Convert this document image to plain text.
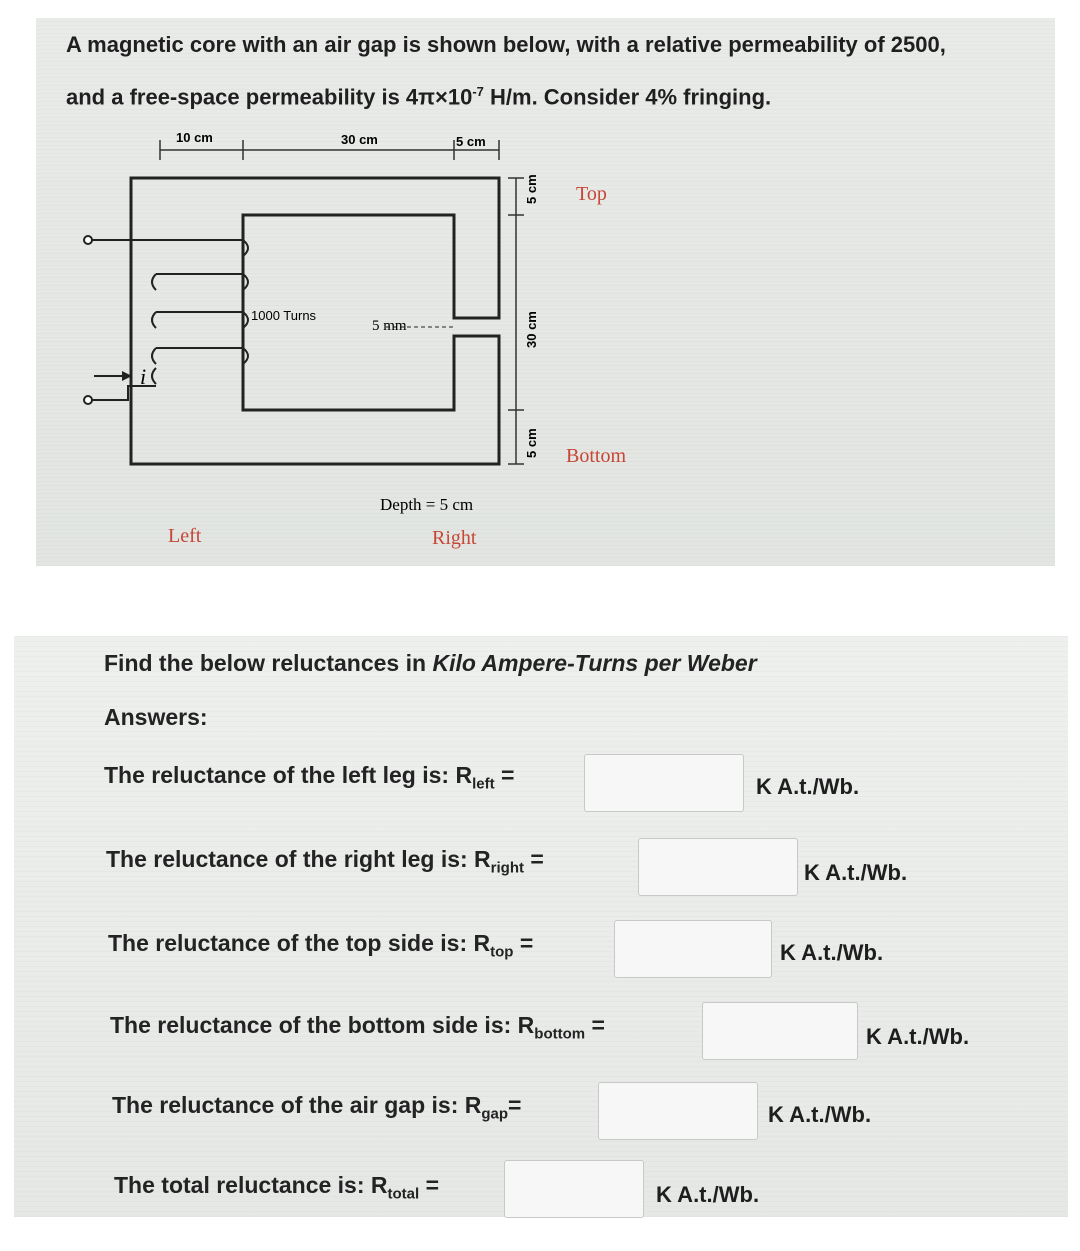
A magnetic core with an air gap is shown below, with a relative permeability of 2500,
and a free-space permeability is $4\pi\times 10^{-7}$ H/m. Consider 4% fringing.
i
10 cm	30 cm	5 cm
5 cm
30 cm
5 cm
1000 Turns
5 mm
Depth = 5 cm
Top
Bottom
Left	Right
Find the below reluctances in Kilo Ampere-Turns per Weber
Answers:
The reluctance of the left leg is: $R_{left}$ =	K A.t./Wb.
The reluctance of the right leg is: $R_{right}$ =
K A.t./Wb.
The reluctance of the top side is: $R_{top}$ =	K A.t./Wb.
The reluctance of the bottom side is: $R_{bottom}$ =	K A.t./Wb.
The reluctance of the air gap is: $R_{gap}=$	K A.t./Wb.
The total reluctance is: $R_{total}$ =	K A.t./Wb.
